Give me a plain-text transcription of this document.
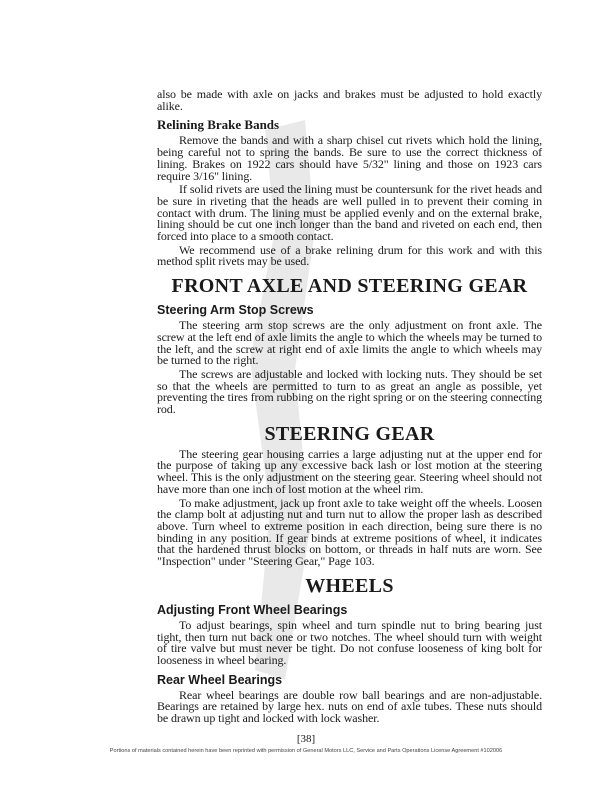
also be made with axle on jacks and brakes must be adjusted to hold exactly alike.

Relining Brake Bands

Remove the bands and with a sharp chisel cut rivets which hold the lining, being careful not to spring the bands. Be sure to use the correct thickness of lining. Brakes on 1922 cars should have 5/32" lining and those on 1923 cars require 3/16" lining.

If solid rivets are used the lining must be countersunk for the rivet heads and be sure in riveting that the heads are well pulled in to prevent their coming in contact with drum. The lining must be applied evenly and on the external brake, lining should be cut one inch longer than the band and riveted on each end, then forced into place to a smooth contact.

We recommend use of a brake relining drum for this work and with this method split rivets may be used.

FRONT AXLE AND STEERING GEAR
Steering Arm Stop Screws

The steering arm stop screws are the only adjustment on front axle. The screw at the left end of axle limits the angle to which the wheels may be turned to the left, and the screw at right end of axle limits the angle to which wheels may be turned to the right.

The screws are adjustable and locked with locking nuts. They should be set so that the wheels are permitted to turn to as great an angle as possible, yet preventing the tires from rubbing on the right spring or on the steering connecting rod.

STEERING GEAR

The steering gear housing carries a large adjusting nut at the upper end for the purpose of taking up any excessive back lash or lost motion at the steering wheel. This is the only adjustment on the steering gear. Steering wheel should not have more than one inch of lost motion at the wheel rim.

To make adjustment, jack up front axle to take weight off the wheels. Loosen the clamp bolt at adjusting nut and turn nut to allow the proper lash as described above. Turn wheel to extreme position in each direction, being sure there is no binding in any position. If gear binds at extreme positions of wheel, it indicates that the hardened thrust blocks on bottom, or threads in half nuts are worn. See "Inspection" under "Steering Gear," Page 103.

WHEELS
Adjusting Front Wheel Bearings

To adjust bearings, spin wheel and turn spindle nut to bring bearing just tight, then turn nut back one or two notches. The wheel should turn with weight of tire valve but must never be tight. Do not confuse looseness of king bolt for looseness in wheel bearing.

Rear Wheel Bearings

Rear wheel bearings are double row ball bearings and are non-adjustable. Bearings are retained by large hex. nuts on end of axle tubes. These nuts should be drawn up tight and locked with lock washer.

[38]

Portions of materials contained herein have been reprinted with permission of General Motors LLC, Service and Parts Operations License Agreement #102006
